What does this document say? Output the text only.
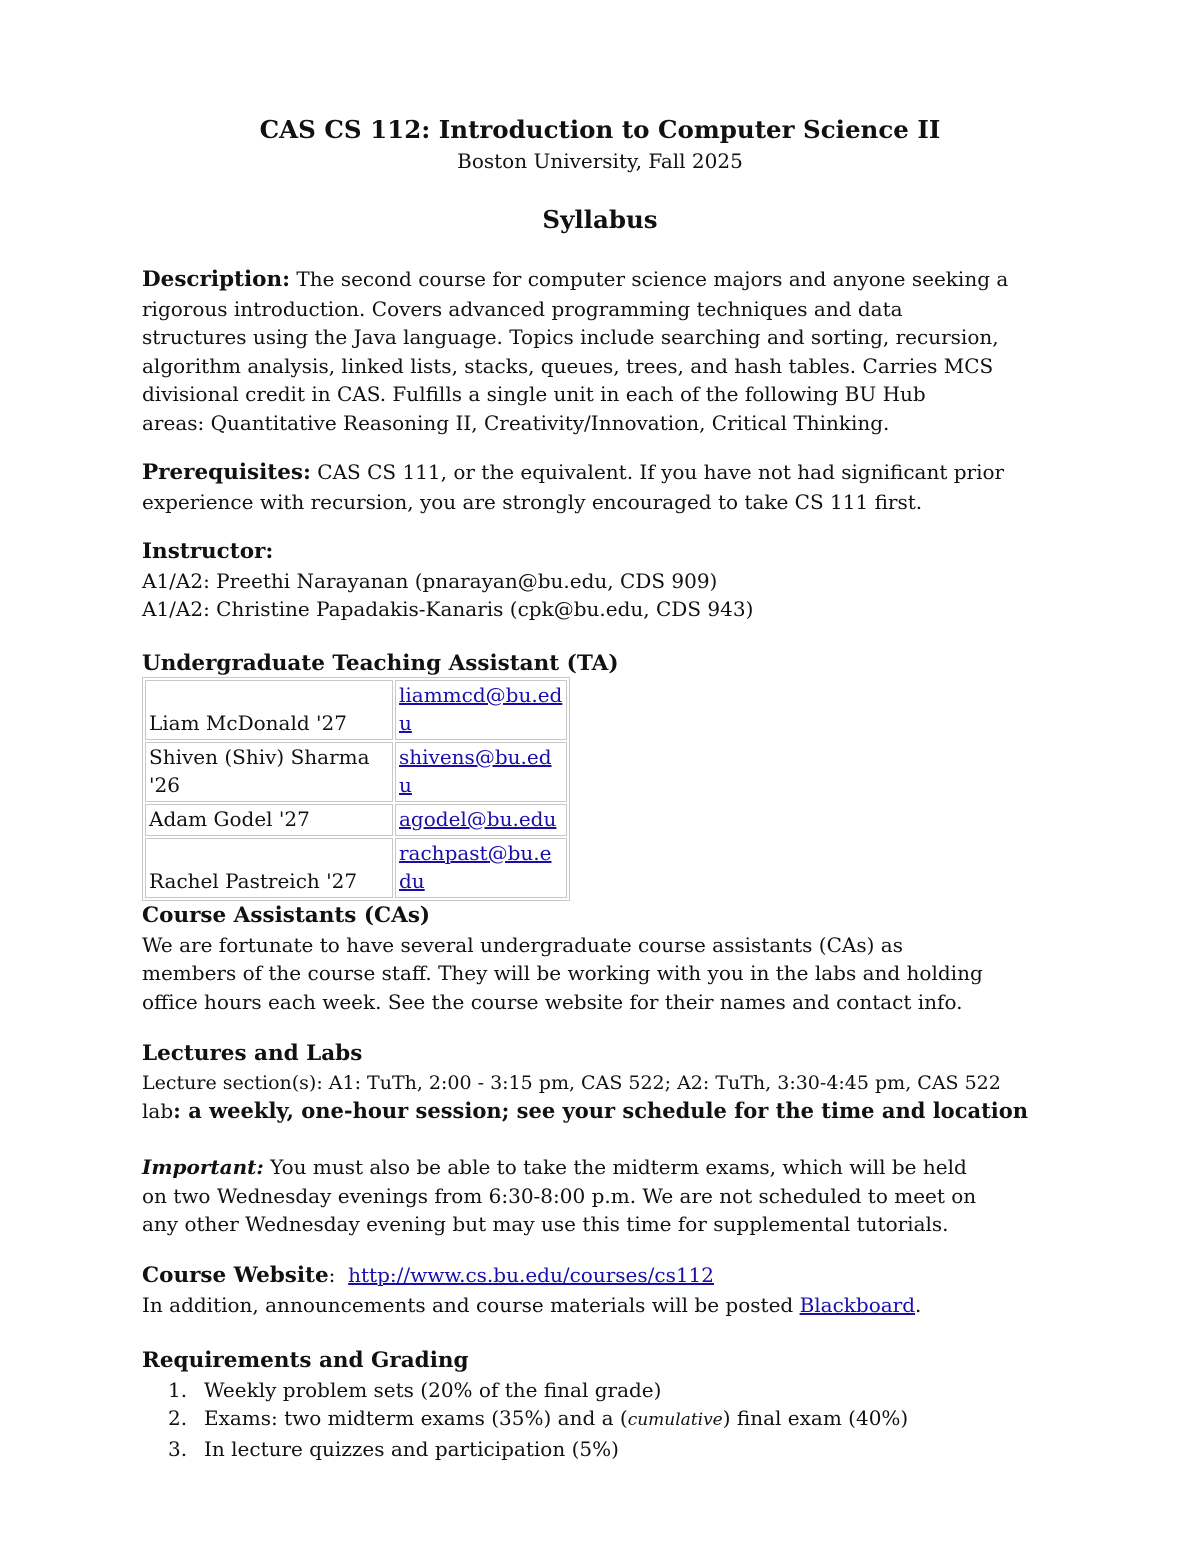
CAS CS 112: Introduction to Computer Science II
Boston University, Fall 2025
Syllabus
Description: The second course for computer science majors and anyone seeking a
rigorous introduction. Covers advanced programming techniques and data
structures using the Java language. Topics include searching and sorting, recursion,
algorithm analysis, linked lists, stacks, queues, trees, and hash tables. Carries MCS
divisional credit in CAS. Fulfills a single unit in each of the following BU Hub
areas: Quantitative Reasoning II, Creativity/Innovation, Critical Thinking.
Prerequisites: CAS CS 111, or the equivalent. If you have not had significant prior
experience with recursion, you are strongly encouraged to take CS 111 first.
Instructor:
A1/A2: Preethi Narayanan (pnarayan@bu.edu, CDS 909)
A1/A2: Christine Papadakis-Kanaris (cpk@bu.edu, CDS 943)
Undergraduate Teaching Assistant (TA)
Liam McDonald '27	liammcd@bu.edu
Shiven (Shiv) Sharma '26	shivens@bu.edu
Adam Godel '27	agodel@bu.edu
Rachel Pastreich '27	rachpast@bu.edu
Course Assistants (CAs)
We are fortunate to have several undergraduate course assistants (CAs) as
members of the course staff. They will be working with you in the labs and holding
office hours each week. See the course website for their names and contact info.
Lectures and Labs
Lecture section(s): A1: TuTh, 2:00 - 3:15 pm, CAS 522; A2: TuTh, 3:30-4:45 pm, CAS 522
lab: a weekly, one-hour session; see your schedule for the time and location
Important: You must also be able to take the midterm exams, which will be held
on two Wednesday evenings from 6:30-8:00 p.m. We are not scheduled to meet on
any other Wednesday evening but may use this time for supplemental tutorials.
Course Website: http://www.cs.bu.edu/courses/cs112
In addition, announcements and course materials will be posted Blackboard.
Requirements and Grading
1. Weekly problem sets (20% of the final grade)
2. Exams: two midterm exams (35%) and a (cumulative) final exam (40%)
3. In lecture quizzes and participation (5%)
